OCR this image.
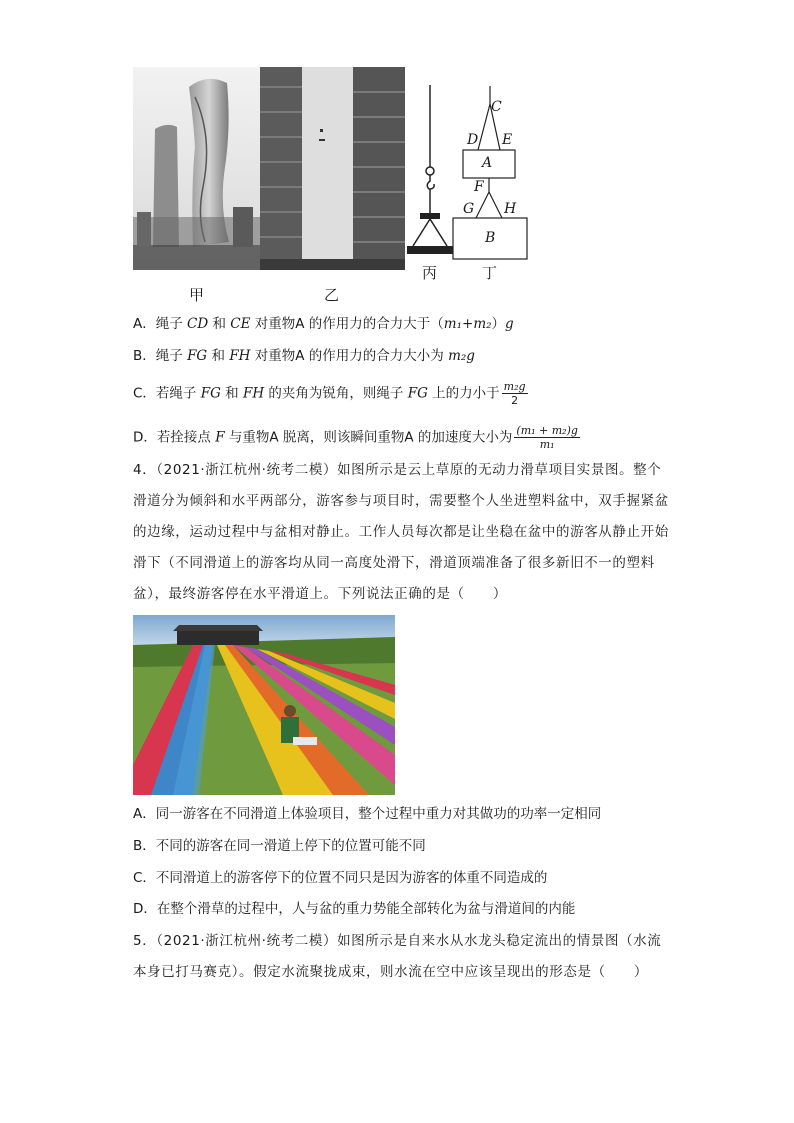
C
D E
A
F
G H
B
甲	乙
丙	丁
A．绳子 CD 和 CE 对重物A 的作用力的合力大于（m₁+m₂）g
B．绳子 FG 和 FH 对重物A 的作用力的合力大小为 m₂g
C．若绳子 FG 和 FH 的夹角为锐角，则绳子 FG 上的力小于 $\frac{\text{m₂g}}{2}$
D．若拴接点 F 与重物A 脱离，则该瞬间重物A 的加速度大小为 $\frac{\text{(m₁ + m₂)g}}{\text{m₁}}$
4．（2021·浙江杭州·统考二模）如图所示是云上草原的无动力滑草项目实景图。整个滑道分为倾斜和水平两部分，游客参与项目时，需要整个人坐进塑料盆中，双手握紧盆的边缘，运动过程中与盆相对静止。工作人员每次都是让坐稳在盆中的游客从静止开始滑下（不同滑道上的游客均从同一高度处滑下，滑道顶端准备了很多新旧不一的塑料盆），最终游客停在水平滑道上。下列说法正确的是（　　）
A．同一游客在不同滑道上体验项目，整个过程中重力对其做功的功率一定相同
B．不同的游客在同一滑道上停下的位置可能不同
C．不同滑道上的游客停下的位置不同只是因为游客的体重不同造成的
D．在整个滑草的过程中，人与盆的重力势能全部转化为盆与滑道间的内能
5．（2021·浙江杭州·统考二模）如图所示是自来水从水龙头稳定流出的情景图（水流本身已打马赛克）。假定水流聚拢成束，则水流在空中应该呈现出的形态是（　　）
